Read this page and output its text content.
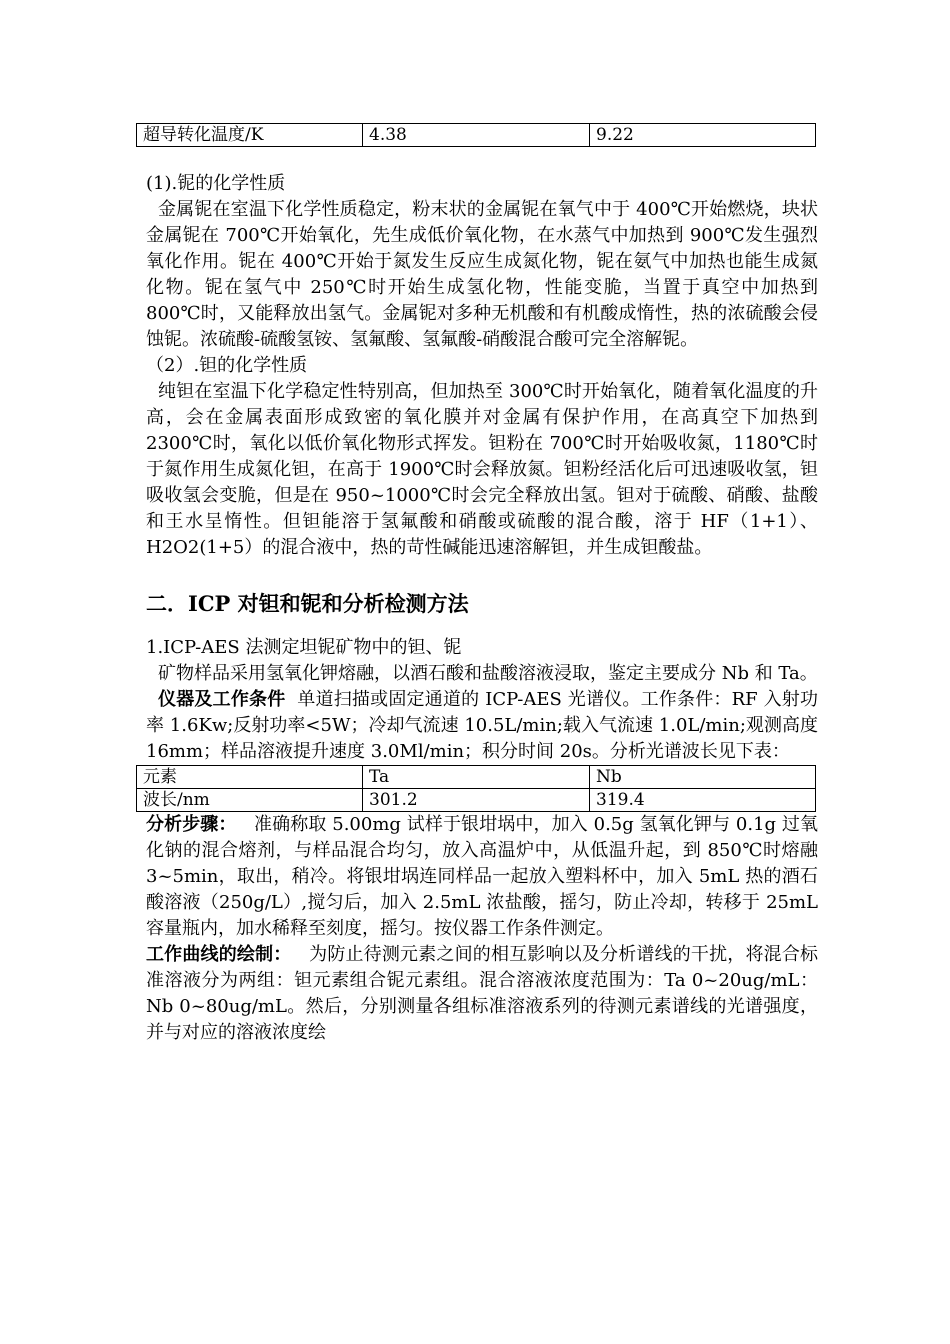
超导转化温度/K	4.38	9.22

(1).铌的化学性质

金属铌在室温下化学性质稳定，粉末状的金属铌在氧气中于 400℃开始燃烧，块状金属铌在 700℃开始氧化，先生成低价氧化物，在水蒸气中加热到 900℃发生强烈氧化作用。铌在 400℃开始于氮发生反应生成氮化物，铌在氨气中加热也能生成氮化物。铌在氢气中 250℃时开始生成氢化物，性能变脆，当置于真空中加热到 800℃时，又能释放出氢气。金属铌对多种无机酸和有机酸成惰性，热的浓硫酸会侵蚀铌。浓硫酸-硫酸氢铵、氢氟酸、氢氟酸-硝酸混合酸可完全溶解铌。

（2）.钽的化学性质

纯钽在室温下化学稳定性特别高，但加热至 300℃时开始氧化，随着氧化温度的升高，会在金属表面形成致密的氧化膜并对金属有保护作用，在高真空下加热到 2300℃时，氧化以低价氧化物形式挥发。钽粉在 700℃时开始吸收氮，1180℃时于氮作用生成氮化钽，在高于 1900℃时会释放氮。钽粉经活化后可迅速吸收氢，钽吸收氢会变脆，但是在 950~1000℃时会完全释放出氢。钽对于硫酸、硝酸、盐酸和王水呈惰性。但钽能溶于氢氟酸和硝酸或硫酸的混合酸，溶于 HF（1+1）、H2O2(1+5）的混合液中，热的苛性碱能迅速溶解钽，并生成钽酸盐。

二．ICP 对钽和铌和分析检测方法

1.ICP-AES 法测定坦铌矿物中的钽、铌

矿物样品采用氢氧化钾熔融，以酒石酸和盐酸溶液浸取，鉴定主要成分 Nb 和 Ta。

仪器及工作条件 单道扫描或固定通道的 ICP-AES 光谱仪。工作条件：RF 入射功率 1.6Kw;反射功率<5W；冷却气流速 10.5L/min;载入气流速 1.0L/min;观测高度 16mm；样品溶液提升速度 3.0Ml/min；积分时间 20s。分析光谱波长见下表：

元素	Ta	Nb
波长/nm	301.2	319.4

分析步骤： 准确称取 5.00mg 试样于银坩埚中，加入 0.5g 氢氧化钾与 0.1g 过氧化钠的混合熔剂，与样品混合均匀，放入高温炉中，从低温升起，到 850℃时熔融 3~5min，取出，稍冷。将银坩埚连同样品一起放入塑料杯中，加入 5mL 热的酒石酸溶液（250g/L）,搅匀后，加入 2.5mL 浓盐酸，摇匀，防止冷却，转移于 25mL 容量瓶内，加水稀释至刻度，摇匀。按仪器工作条件测定。

工作曲线的绘制： 为防止待测元素之间的相互影响以及分析谱线的干扰，将混合标准溶液分为两组：钽元素组合铌元素组。混合溶液浓度范围为：Ta 0~20ug/mL：Nb 0~80ug/mL。然后，分别测量各组标准溶液系列的待测元素谱线的光谱强度，并与对应的溶液浓度绘
